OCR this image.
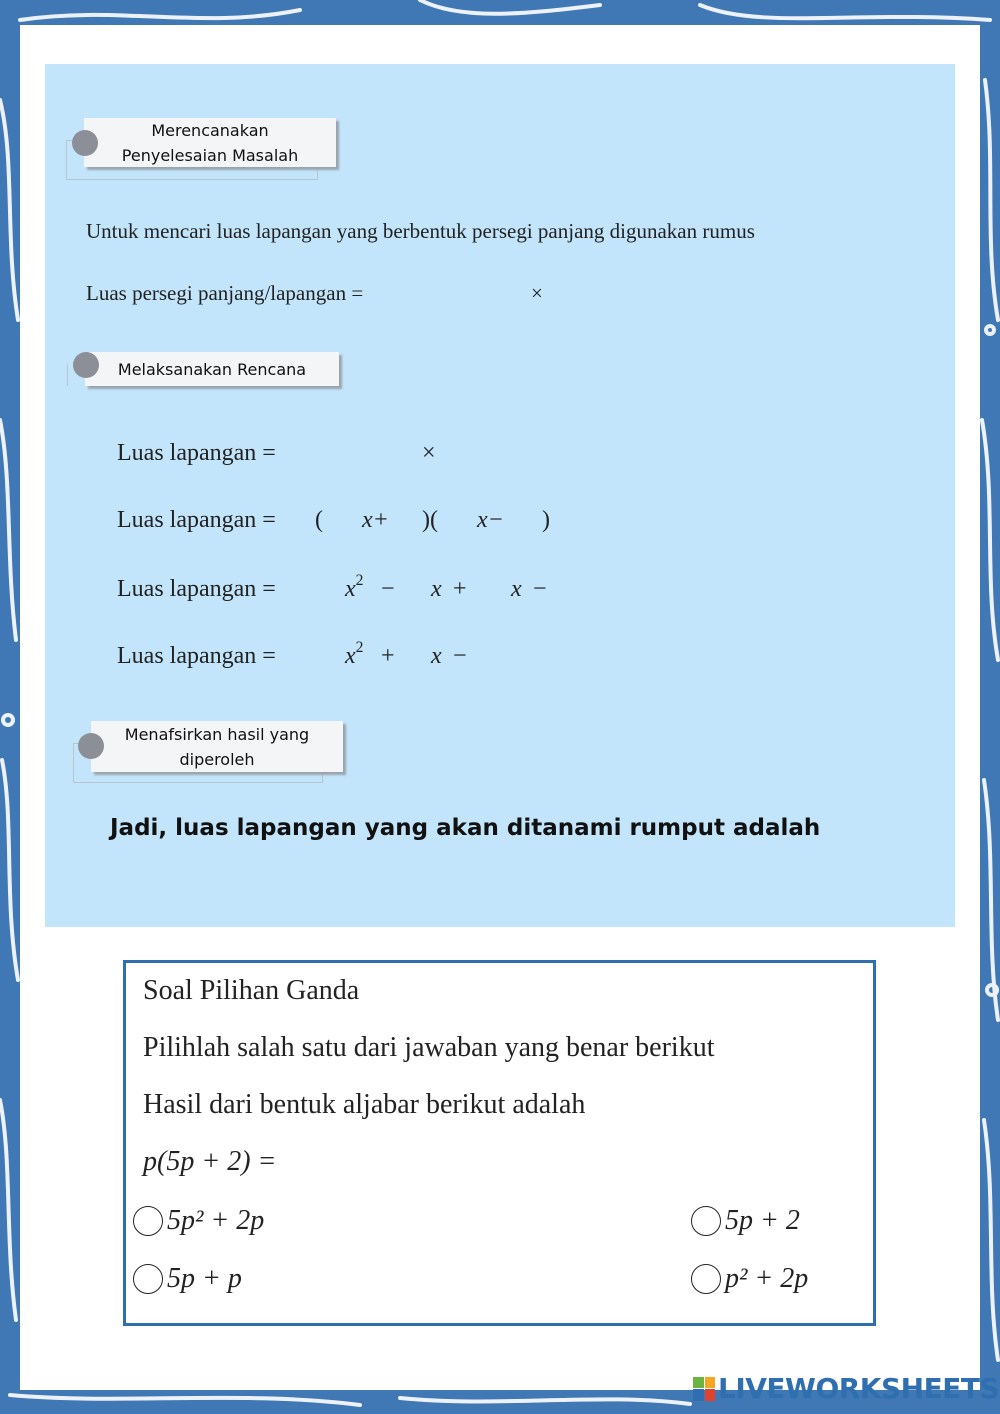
Merencanakan Penyelesaian Masalah
Untuk mencari luas lapangan yang berbentuk persegi panjang digunakan rumus
Luas persegi panjang/lapangan =	×
Melaksanakan Rencana
Luas lapangan =	×
Luas lapangan = ( x+ )( x− )
Luas lapangan =	$x^2 - x + x$ −
Luas lapangan =	$x^2 + x$ −
Menafsirkan hasil yang diperoleh
Jadi, luas lapangan yang akan ditanami rumput adalah
Soal Pilihan Ganda
Pilihlah salah satu dari jawaban yang benar berikut
Hasil dari bentuk aljabar berikut adalah
p(5p + 2) =
5p² + 2p	5p + 2
5p + p	p² + 2p
LIVEWORKSHEETS
